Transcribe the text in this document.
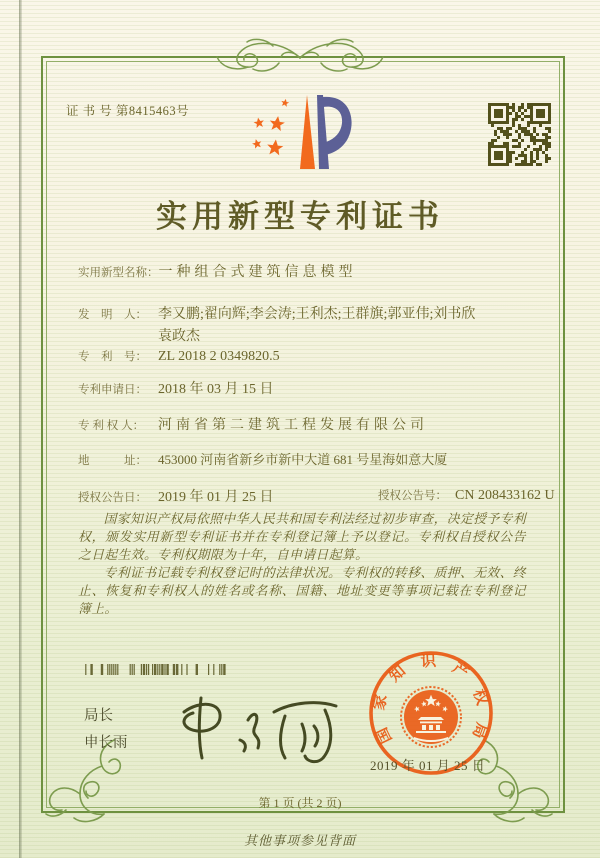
证 书 号 第8415463号
实用新型专利证书
实用新型名称：一种组合式建筑信息模型
发　明　人： 李又鹏;翟向辉;李会涛;王利杰;王群旗;郭亚伟;刘书欣
袁政杰
专　利　号： ZL 2018 2 0349820.5
专利申请日： 2018 年 03 月 15 日
专 利 权 人： 河南省第二建筑工程发展有限公司
地　　　址： 453000 河南省新乡市新中大道 681 号星海如意大厦
授权公告日： 2019 年 01 月 25 日	授权公告号： CN 208433162 U

国家知识产权局依照中华人民共和国专利法经过初步审查，决定授予专利权，颁发实用新型专利证书并在专利登记簿上予以登记。专利权自授权公告之日起生效。专利权期限为十年，自申请日起算。

专利证书记载专利权登记时的法律状况。专利权的转移、质押、无效、终止、恢复和专利权人的姓名或名称、国籍、地址变更等事项记载在专利登记簿上。

局长
申长雨	国家知识产权局
2019 年 01 月 25 日
第 1 页 (共 2 页)
其他事项参见背面
